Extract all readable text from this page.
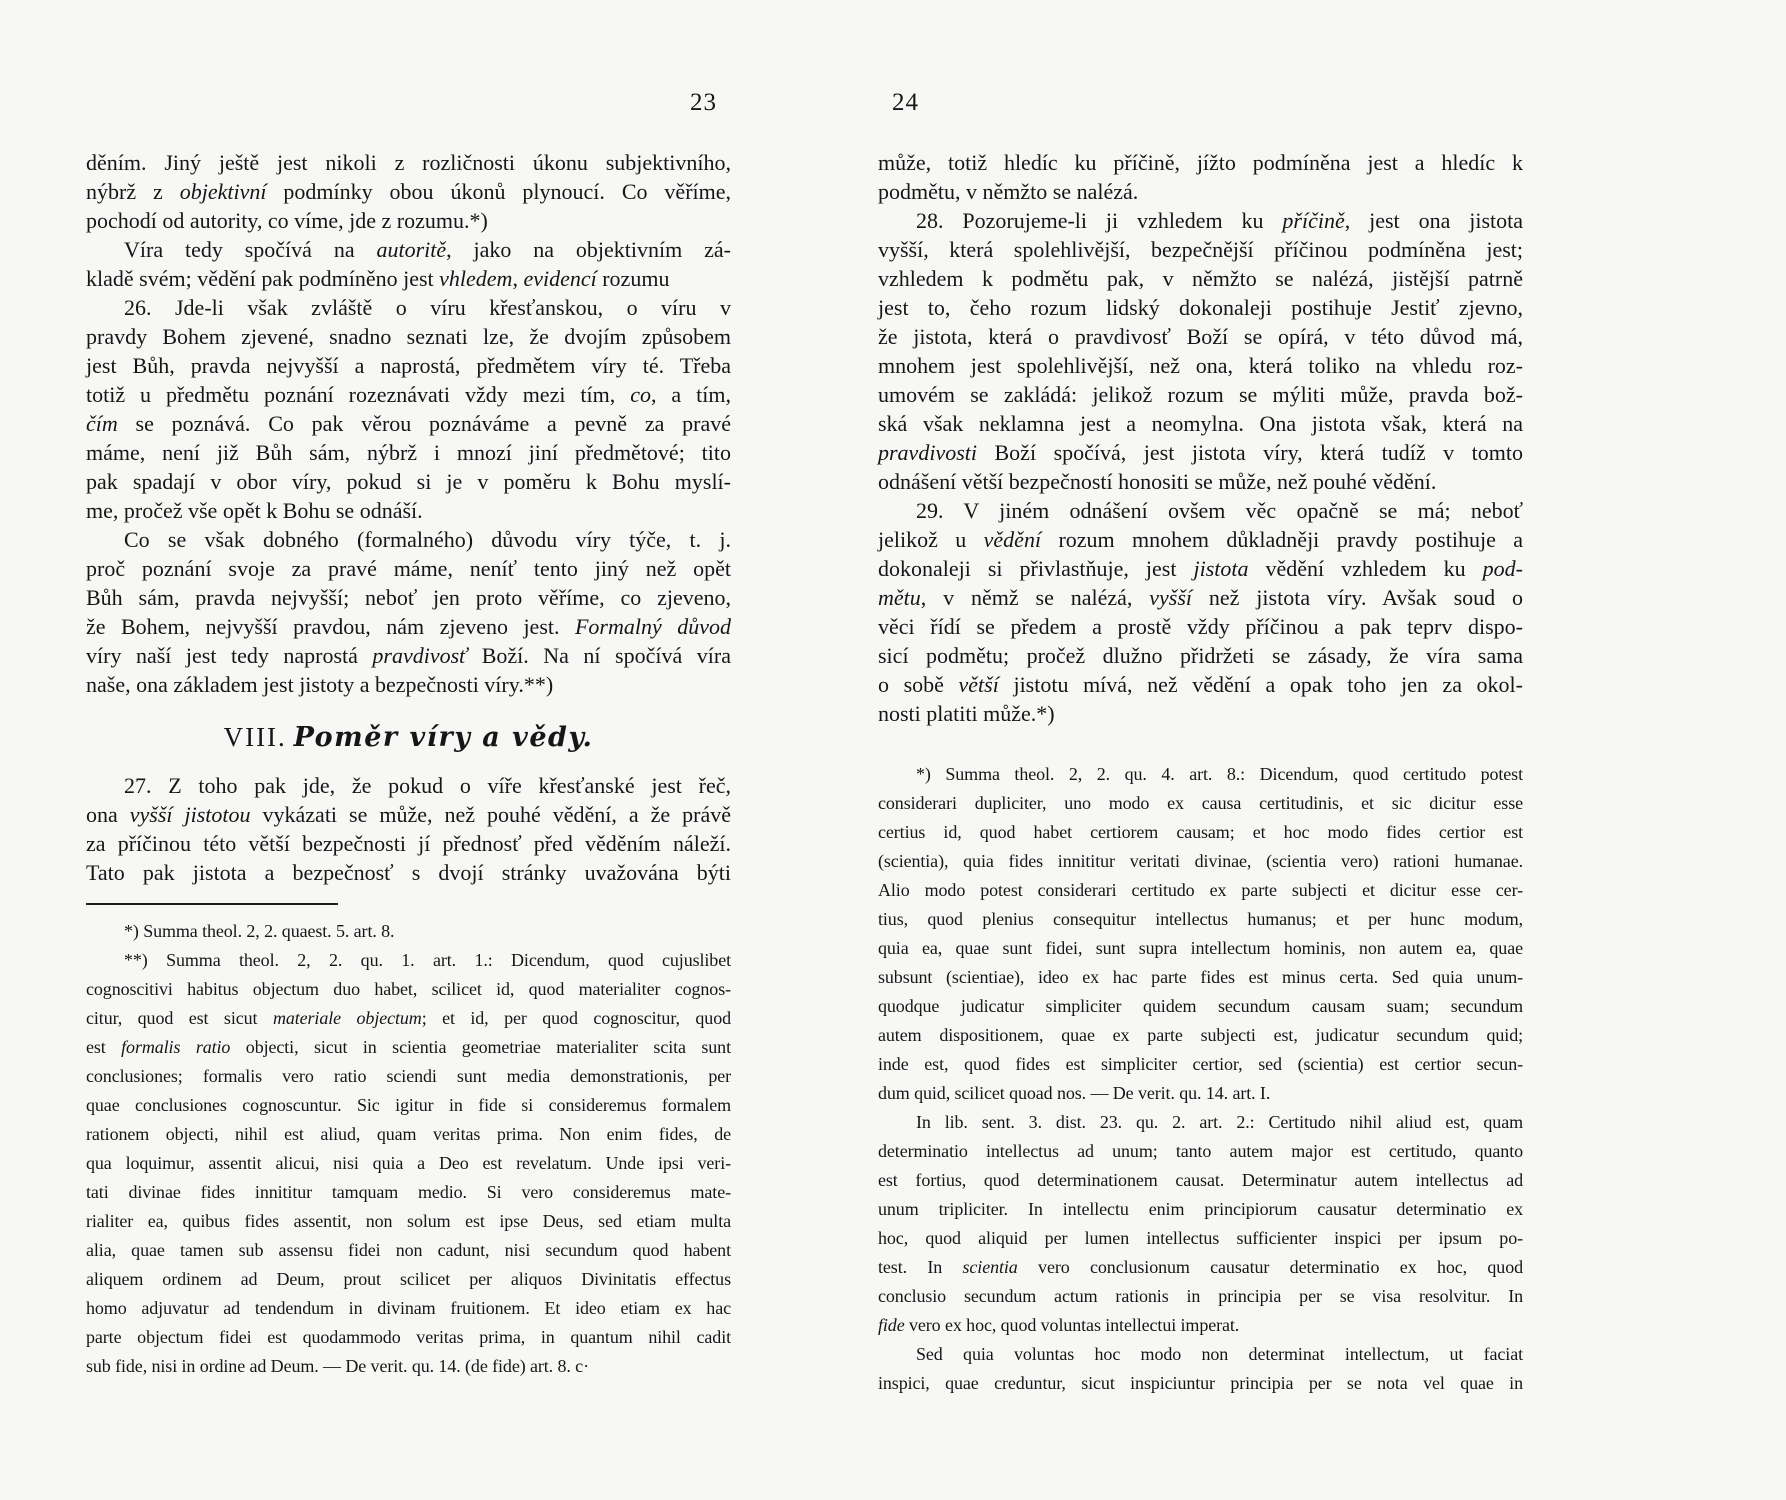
23
děním. Jiný ještě jest nikoli z rozličnosti úkonu subjektivního,
nýbrž z objektivní podmínky obou úkonů plynoucí. Co věříme,
pochodí od autority, co víme, jde z rozumu.*)
Víra tedy spočívá na autoritě, jako na objektivním zá-
kladě svém; vědění pak podmíněno jest vhledem, evidencí rozumu
26. Jde-li však zvláště o víru křesťanskou, o víru v
pravdy Bohem zjevené, snadno seznati lze, že dvojím způsobem
jest Bůh, pravda nejvyšší a naprostá, předmětem víry té. Třeba
totiž u předmětu poznání rozeznávati vždy mezi tím, co, a tím,
čím se poznává. Co pak věrou poznáváme a pevně za pravé
máme, není již Bůh sám, nýbrž i mnozí jiní předmětové; tito
pak spadají v obor víry, pokud si je v poměru k Bohu myslí-
me, pročež vše opět k Bohu se odnáší.
Co se však dobného (formalného) důvodu víry týče, t. j.
proč poznání svoje za pravé máme, neníť tento jiný než opět
Bůh sám, pravda nejvyšší; neboť jen proto věříme, co zjeveno,
že Bohem, nejvyšší pravdou, nám zjeveno jest. Formalný důvod
víry naší jest tedy naprostá pravdivosť Boží. Na ní spočívá víra
naše, ona základem jest jistoty a bezpečnosti víry.**)
VIII. Poměr víry a vědy.
27. Z toho pak jde, že pokud o víře křesťanské jest řeč,
ona vyšší jistotou vykázati se může, než pouhé vědění, a že právě
za příčinou této větší bezpečnosti jí přednosť před věděním náleží.
Tato pak jistota a bezpečnosť s dvojí stránky uvažována býti
*) Summa theol. 2, 2. quaest. 5. art. 8.
**) Summa theol. 2, 2. qu. 1. art. 1.: Dicendum, quod cujuslibet
cognoscitivi habitus objectum duo habet, scilicet id, quod materialiter cognos-
citur, quod est sicut materiale objectum; et id, per quod cognoscitur, quod
est formalis ratio objecti, sicut in scientia geometriae materialiter scita sunt
conclusiones; formalis vero ratio sciendi sunt media demonstrationis, per
quae conclusiones cognoscuntur. Sic igitur in fide si consideremus formalem
rationem objecti, nihil est aliud, quam veritas prima. Non enim fides, de
qua loquimur, assentit alicui, nisi quia a Deo est revelatum. Unde ipsi veri-
tati divinae fides innititur tamquam medio. Si vero consideremus mate-
rialiter ea, quibus fides assentit, non solum est ipse Deus, sed etiam multa
alia, quae tamen sub assensu fidei non cadunt, nisi secundum quod habent
aliquem ordinem ad Deum, prout scilicet per aliquos Divinitatis effectus
homo adjuvatur ad tendendum in divinam fruitionem. Et ideo etiam ex hac
parte objectum fidei est quodammodo veritas prima, in quantum nihil cadit
sub fide, nisi in ordine ad Deum. — De verit. qu. 14. (de fide) art. 8. c·
24
může, totiž hledíc ku příčině, jížto podmíněna jest a hledíc k
podmětu, v němžto se nalézá.
28. Pozorujeme-li ji vzhledem ku příčině, jest ona jistota
vyšší, která spolehlivější, bezpečnější příčinou podmíněna jest;
vzhledem k podmětu pak, v němžto se nalézá, jistější patrně
jest to, čeho rozum lidský dokonaleji postihuje Jestiť zjevno,
že jistota, která o pravdivosť Boží se opírá, v této důvod má,
mnohem jest spolehlivější, než ona, která toliko na vhledu roz-
umovém se zakládá: jelikož rozum se mýliti může, pravda bož-
ská však neklamna jest a neomylna. Ona jistota však, která na
pravdivosti Boží spočívá, jest jistota víry, která tudíž v tomto
odnášení větší bezpečností honositi se může, než pouhé vědění.
29. V jiném odnášení ovšem věc opačně se má; neboť
jelikož u vědění rozum mnohem důkladněji pravdy postihuje a
dokonaleji si přivlastňuje, jest jistota vědění vzhledem ku pod-
mětu, v němž se nalézá, vyšší než jistota víry. Avšak soud o
věci řídí se předem a prostě vždy příčinou a pak teprv dispo-
sicí podmětu; pročež dlužno přidržeti se zásady, že víra sama
o sobě větší jistotu mívá, než vědění a opak toho jen za okol-
nosti platiti může.*)
*) Summa theol. 2, 2. qu. 4. art. 8.: Dicendum, quod certitudo potest
considerari dupliciter, uno modo ex causa certitudinis, et sic dicitur esse
certius id, quod habet certiorem causam; et hoc modo fides certior est
(scientia), quia fides innititur veritati divinae, (scientia vero) rationi humanae.
Alio modo potest considerari certitudo ex parte subjecti et dicitur esse cer-
tius, quod plenius consequitur intellectus humanus; et per hunc modum,
quia ea, quae sunt fidei, sunt supra intellectum hominis, non autem ea, quae
subsunt (scientiae), ideo ex hac parte fides est minus certa. Sed quia unum-
quodque judicatur simpliciter quidem secundum causam suam; secundum
autem dispositionem, quae ex parte subjecti est, judicatur secundum quid;
inde est, quod fides est simpliciter certior, sed (scientia) est certior secun-
dum quid, scilicet quoad nos. — De verit. qu. 14. art. I.
In lib. sent. 3. dist. 23. qu. 2. art. 2.: Certitudo nihil aliud est, quam
determinatio intellectus ad unum; tanto autem major est certitudo, quanto
est fortius, quod determinationem causat. Determinatur autem intellectus ad
unum tripliciter. In intellectu enim principiorum causatur determinatio ex
hoc, quod aliquid per lumen intellectus sufficienter inspici per ipsum po-
test. In scientia vero conclusionum causatur determinatio ex hoc, quod
conclusio secundum actum rationis in principia per se visa resolvitur. In
fide vero ex hoc, quod voluntas intellectui imperat.
Sed quia voluntas hoc modo non determinat intellectum, ut faciat
inspici, quae creduntur, sicut inspiciuntur principia per se nota vel quae in
